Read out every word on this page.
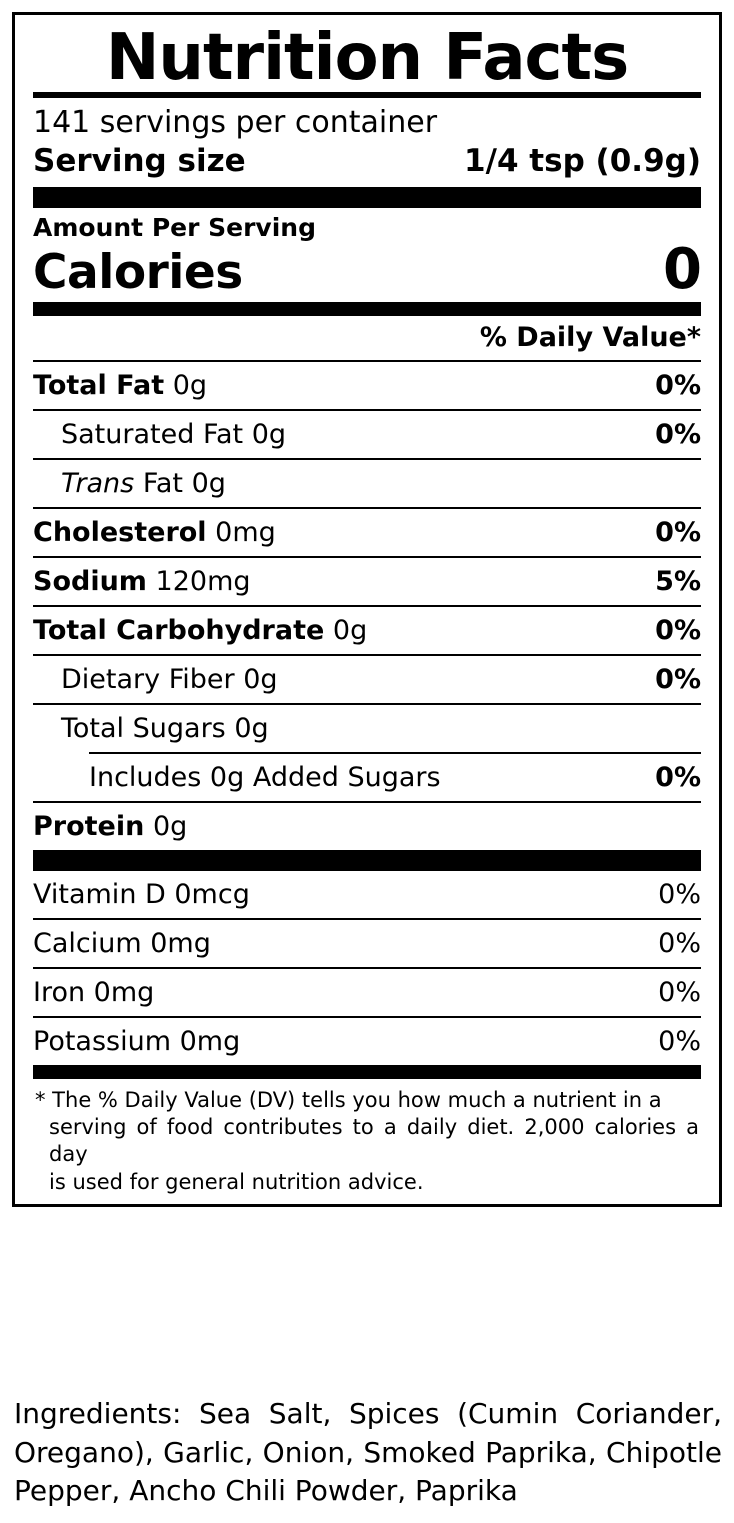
Nutrition Facts
141 servings per container
Serving size	1/4 tsp (0.9g)
Amount Per Serving
Calories	0
% Daily Value*
Total Fat 0g	0%
Saturated Fat 0g	0%
Trans Fat 0g
Cholesterol 0mg	0%
Sodium 120mg	5%
Total Carbohydrate 0g	0%
Dietary Fiber 0g	0%
Total Sugars 0g
Includes 0g Added Sugars	0%
Protein 0g
Vitamin D 0mcg	0%
Calcium 0mg	0%
Iron 0mg	0%
Potassium 0mg	0%
* The % Daily Value (DV) tells you how much a nutrient in a
serving of food contributes to a daily diet. 2,000 calories a day
is used for general nutrition advice.
Ingredients: Sea Salt, Spices (Cumin Coriander, Oregano), Garlic, Onion, Smoked Paprika, Chipotle Pepper, Ancho Chili Powder, Paprika
